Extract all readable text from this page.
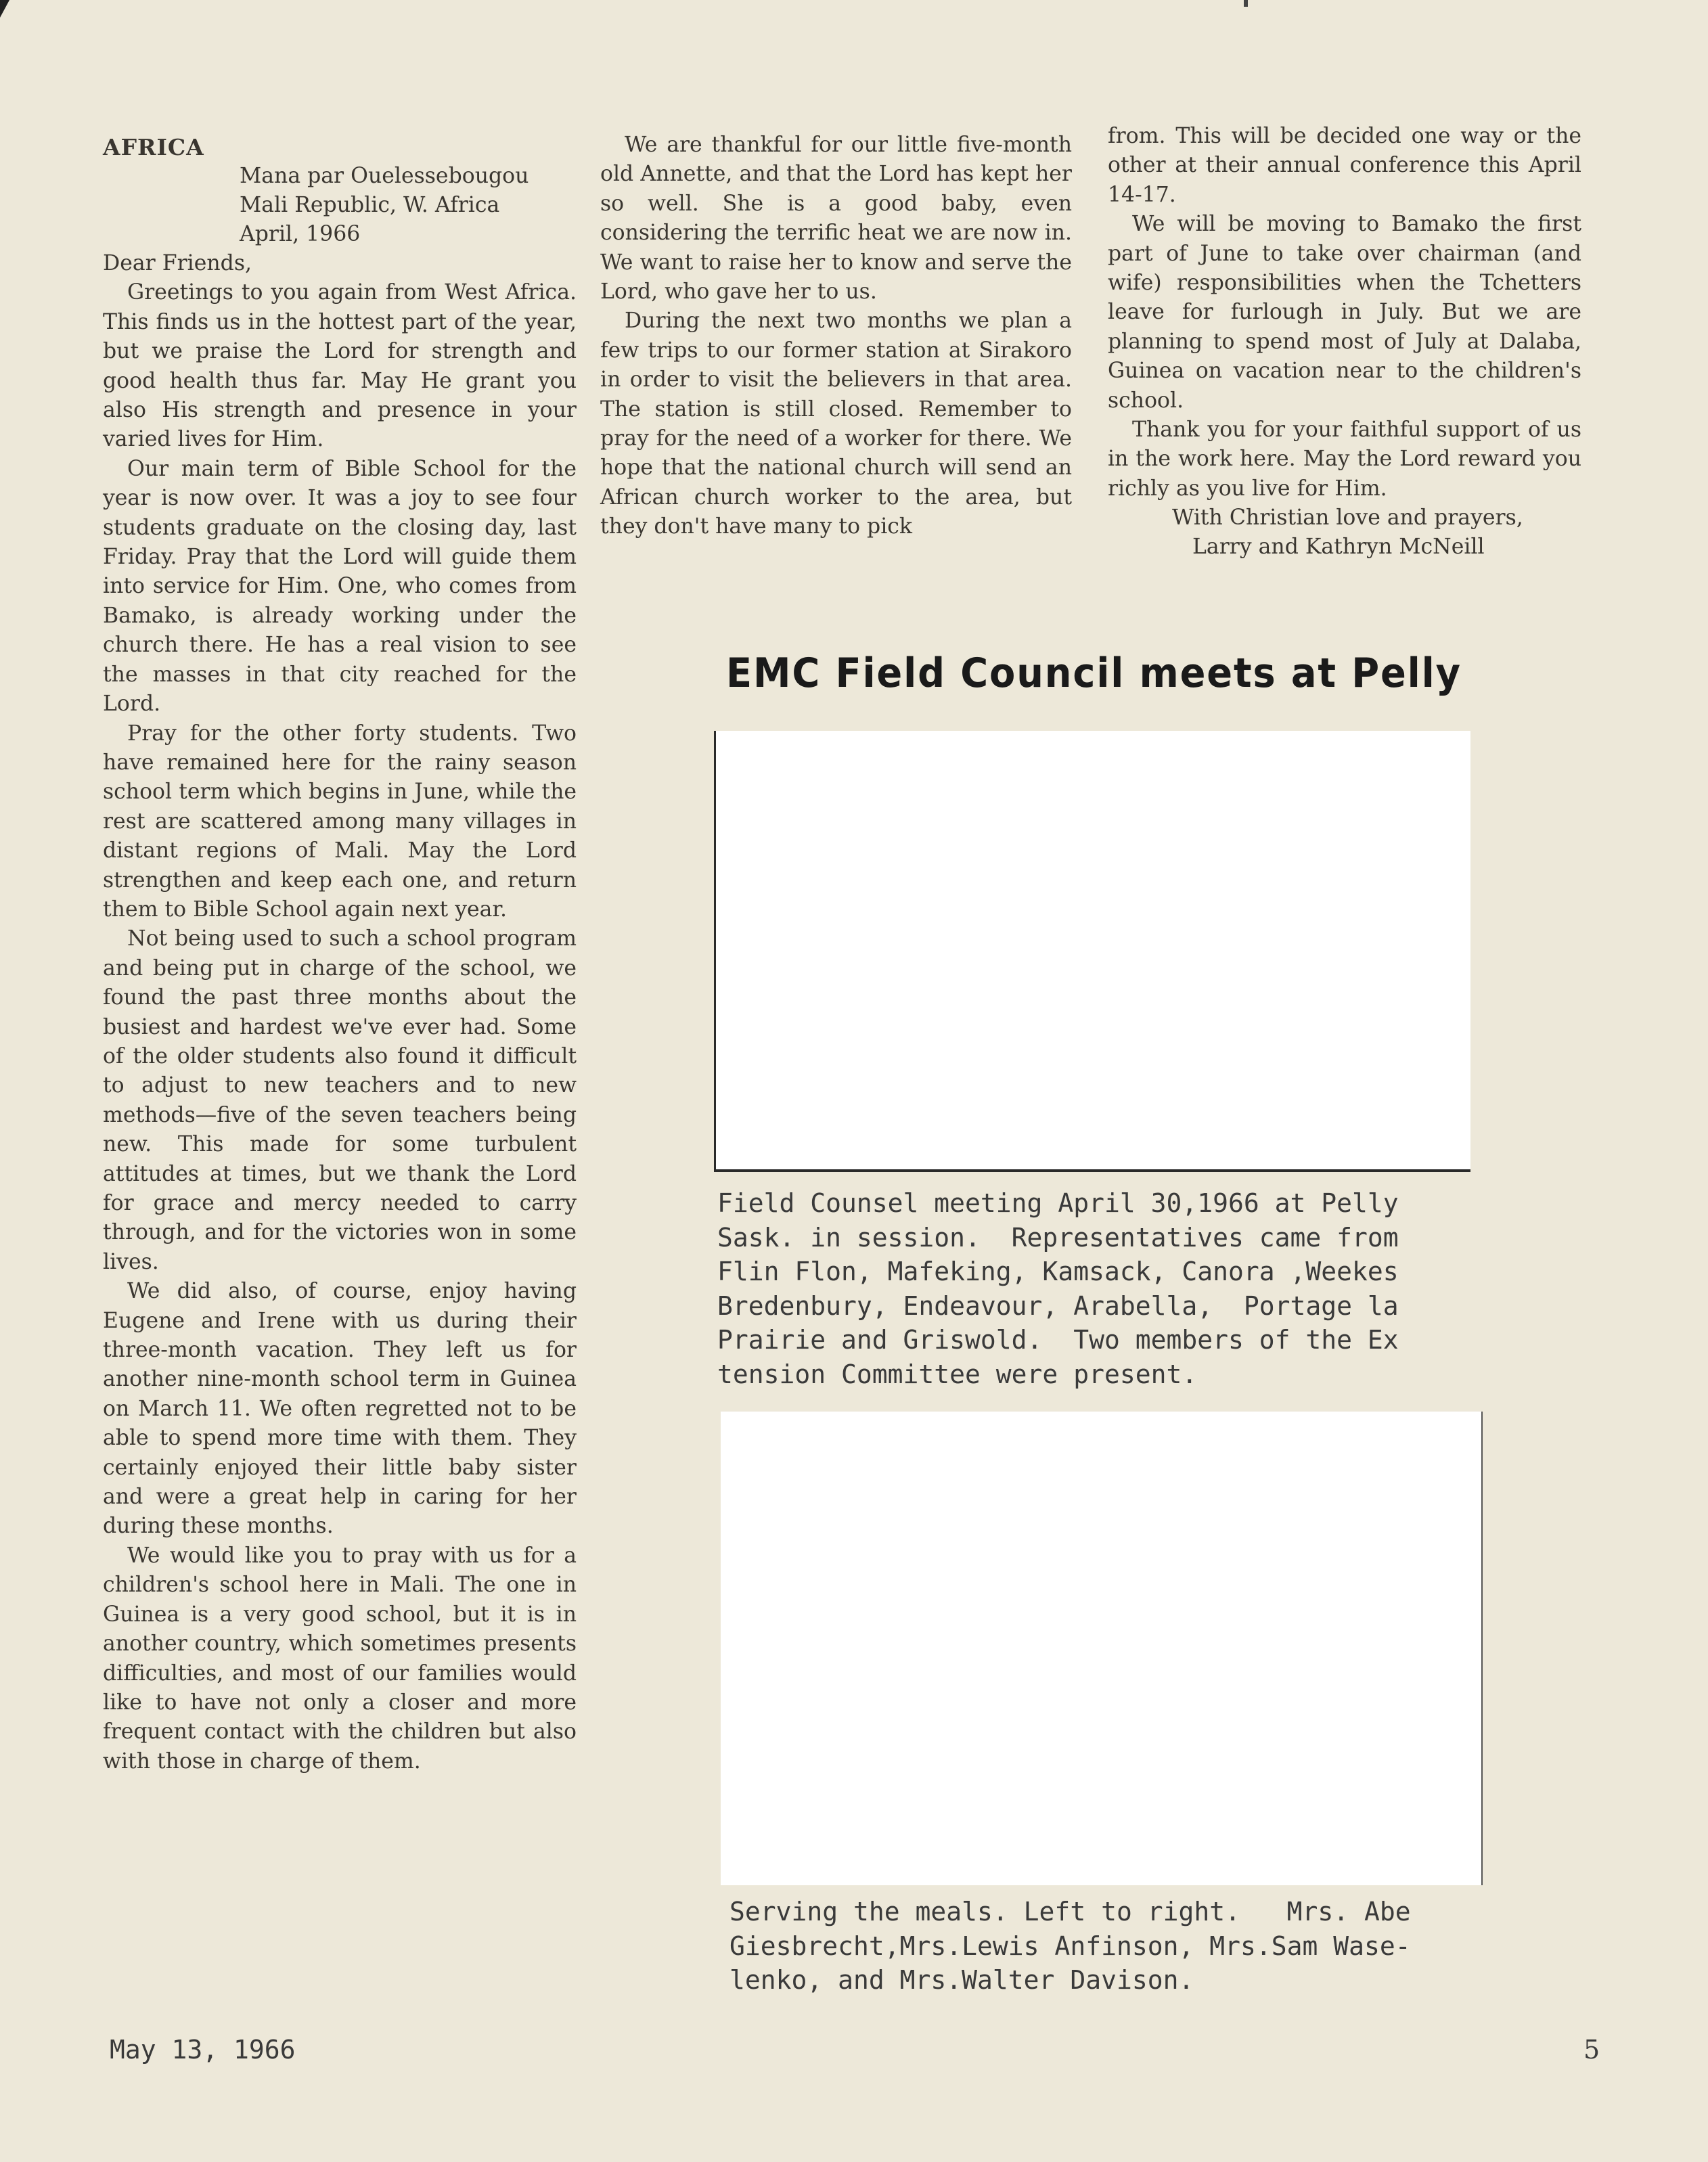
AFRICA

Mana par Ouelessebougou
Mali Republic, W. Africa
April, 1966

Dear Friends,

Greetings to you again from West Africa. This finds us in the hottest part of the year, but we praise the Lord for strength and good health thus far. May He grant you also His strength and presence in your varied lives for Him.

Our main term of Bible School for the year is now over. It was a joy to see four students graduate on the closing day, last Friday. Pray that the Lord will guide them into service for Him. One, who comes from Bamako, is already working under the church there. He has a real vision to see the masses in that city reached for the Lord.

Pray for the other forty students. Two have remained here for the rainy season school term which begins in June, while the rest are scattered among many villages in distant regions of Mali. May the Lord strengthen and keep each one, and return them to Bible School again next year.

Not being used to such a school program and being put in charge of the school, we found the past three months about the busiest and hardest we've ever had. Some of the older students also found it difficult to adjust to new teachers and to new methods—five of the seven teachers being new. This made for some turbulent attitudes at times, but we thank the Lord for grace and mercy needed to carry through, and for the victories won in some lives.

We did also, of course, enjoy having Eugene and Irene with us during their three-month vacation. They left us for another nine-month school term in Guinea on March 11. We often regretted not to be able to spend more time with them. They certainly enjoyed their little baby sister and were a great help in caring for her during these months.

We would like you to pray with us for a children's school here in Mali. The one in Guinea is a very good school, but it is in another country, which sometimes presents difficulties, and most of our families would like to have not only a closer and more frequent contact with the children but also with those in charge of them.

We are thankful for our little five-month old Annette, and that the Lord has kept her so well. She is a good baby, even considering the terrific heat we are now in. We want to raise her to know and serve the Lord, who gave her to us.

During the next two months we plan a few trips to our former station at Sirakoro in order to visit the believers in that area. The station is still closed. Remember to pray for the need of a worker for there. We hope that the national church will send an African church worker to the area, but they don't have many to pick

from. This will be decided one way or the other at their annual conference this April 14-17.

We will be moving to Bamako the first part of June to take over chairman (and wife) responsibilities when the Tchetters leave for furlough in July. But we are planning to spend most of July at Dalaba, Guinea on vacation near to the children's school.

Thank you for your faithful support of us in the work here. May the Lord reward you richly as you live for Him.

With Christian love and prayers,
Larry and Kathryn McNeill
EMC Field Council meets at Pelly
Field Counsel meeting April 30,1966 at Pelly
Sask. in session.  Representatives came from
Flin Flon, Mafeking, Kamsack, Canora ,Weekes
Bredenbury, Endeavour, Arabella,  Portage la
Prairie and Griswold.  Two members of the Ex
tension Committee were present.
Serving the meals. Left to right.   Mrs. Abe
Giesbrecht,Mrs.Lewis Anfinson, Mrs.Sam Wase-
lenko, and Mrs.Walter Davison.
May 13, 1966	5
